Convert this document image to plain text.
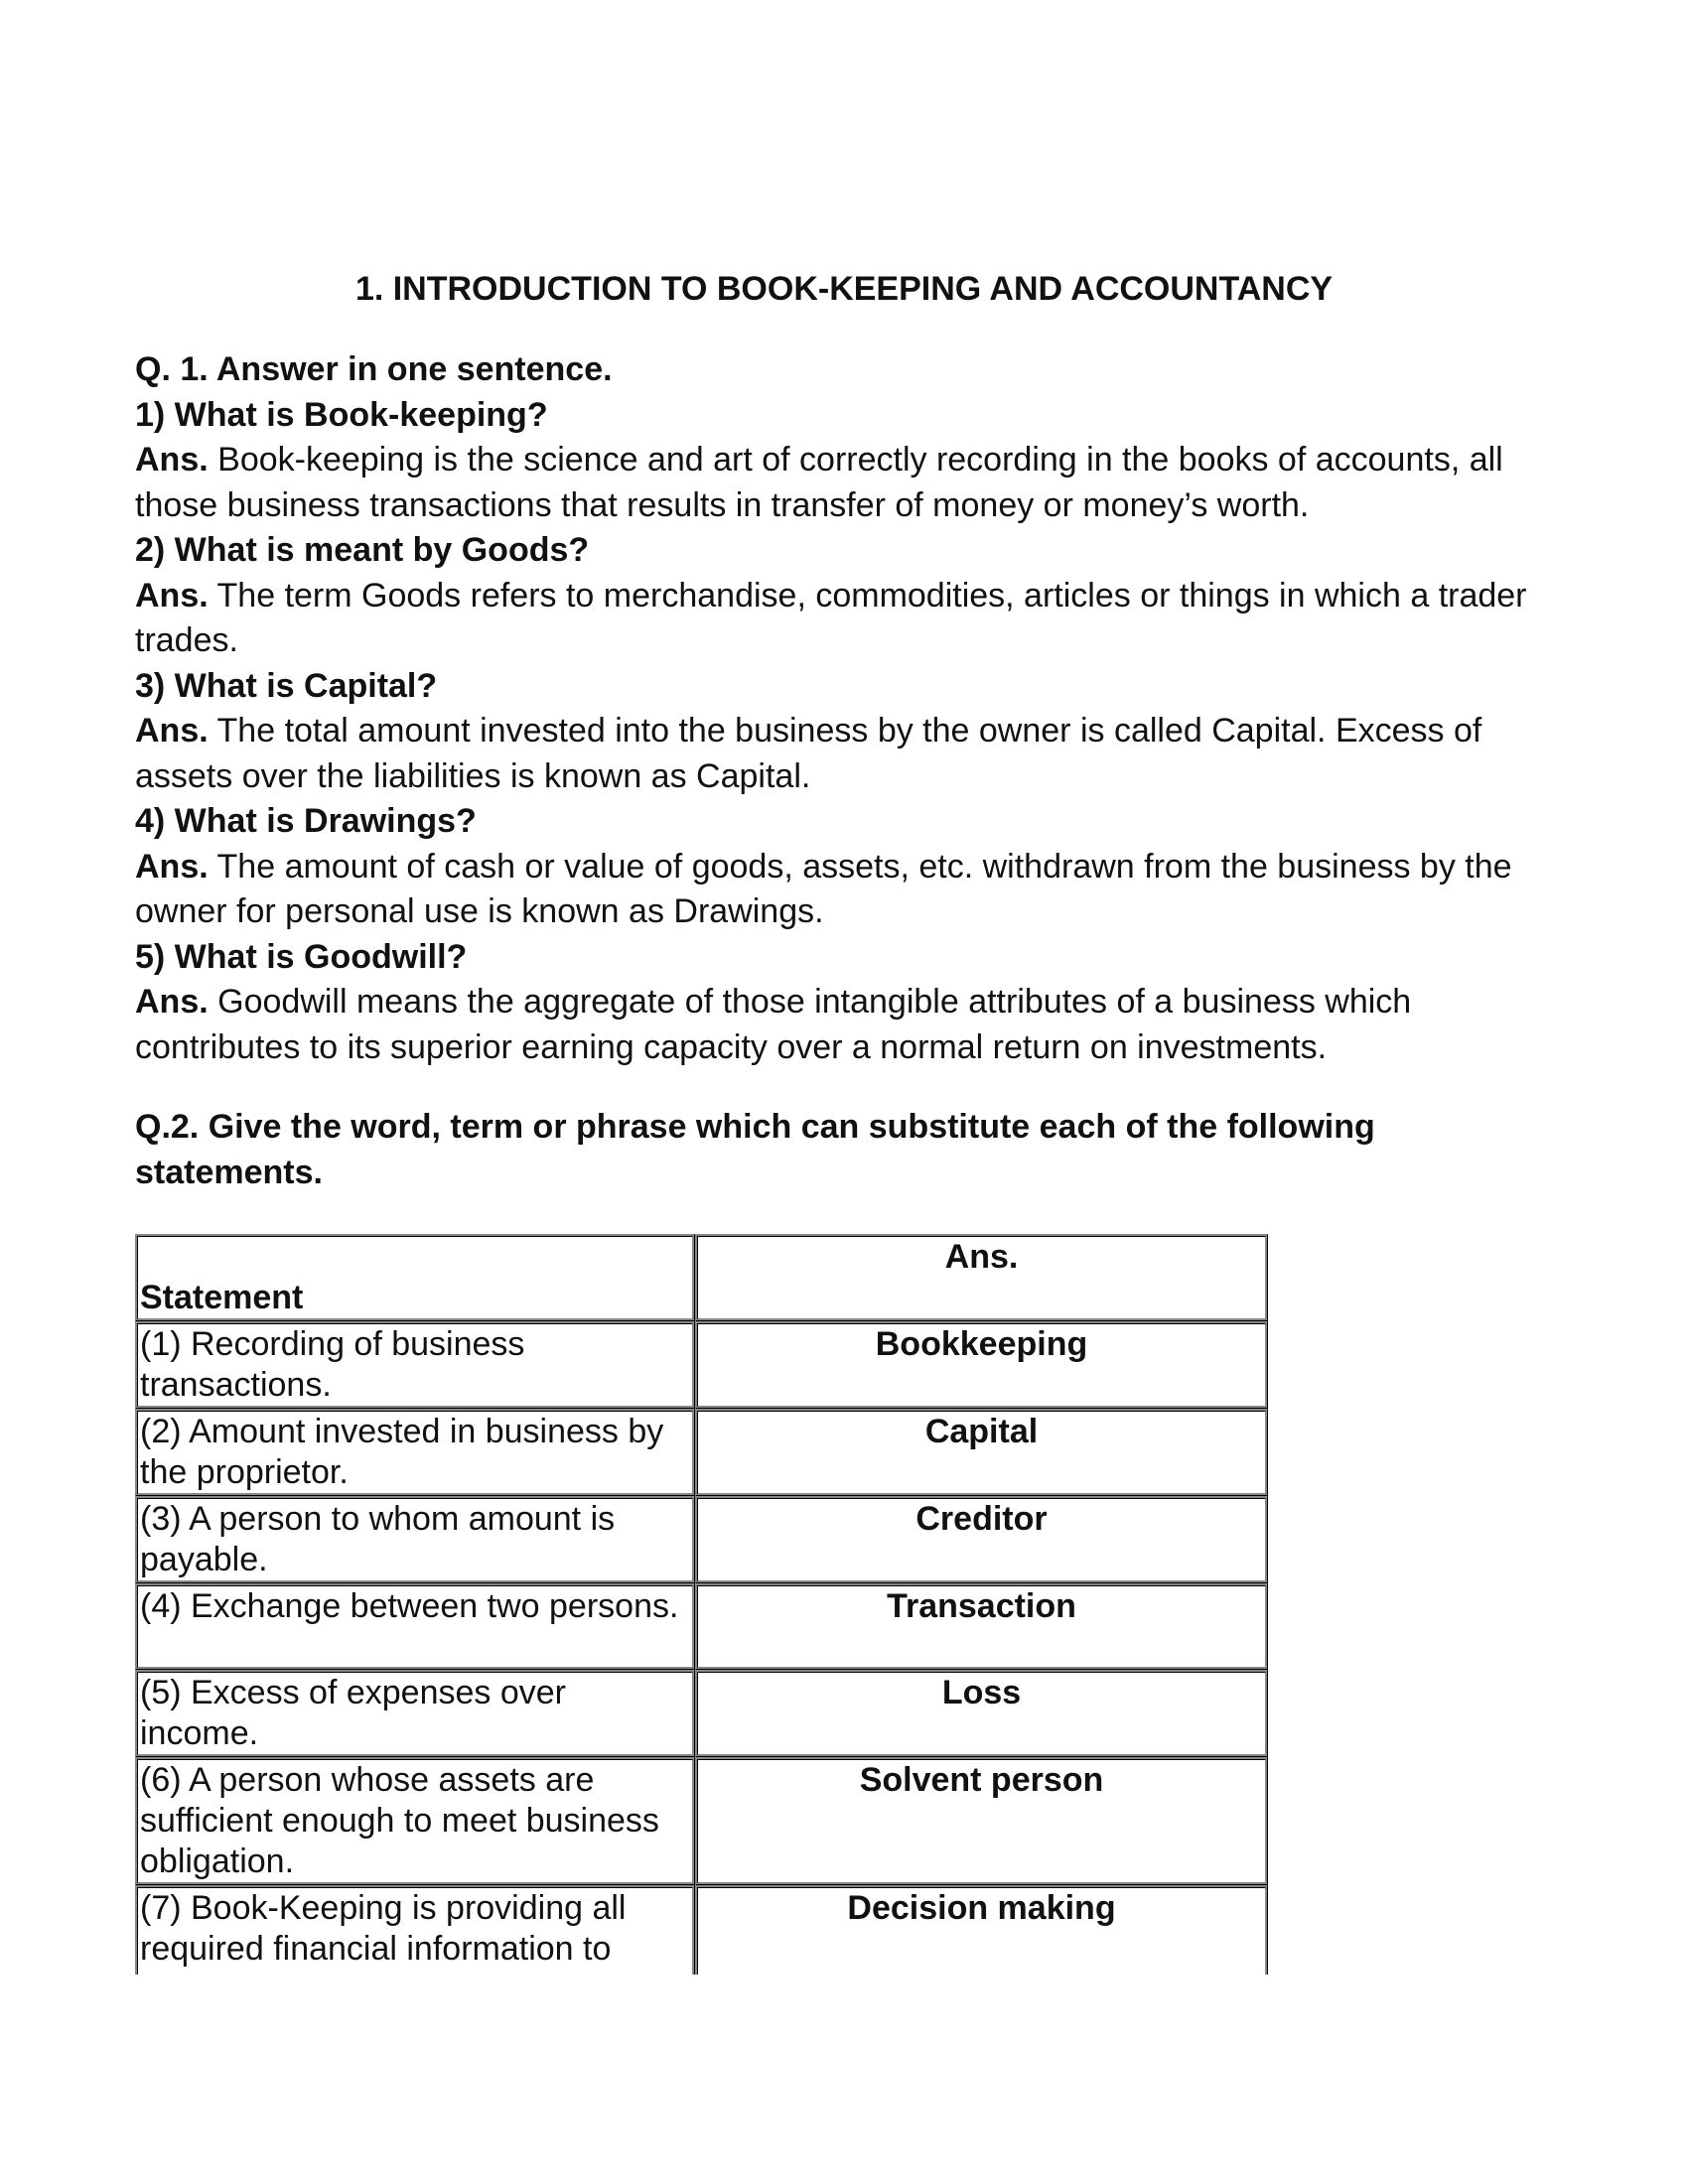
1. INTRODUCTION TO BOOK-KEEPING AND ACCOUNTANCY
Q. 1. Answer in one sentence.
1) What is Book-keeping?
Ans. Book-keeping is the science and art of correctly recording in the books of accounts, all those business transactions that results in transfer of money or money’s worth.
2) What is meant by Goods?
Ans. The term Goods refers to merchandise, commodities, articles or things in which a trader trades.
3) What is Capital?
Ans. The total amount invested into the business by the owner is called Capital. Excess of assets over the liabilities is known as Capital.
4) What is Drawings?
Ans. The amount of cash or value of goods, assets, etc. withdrawn from the business by the owner for personal use is known as Drawings.
5) What is Goodwill?
Ans. Goodwill means the aggregate of those intangible attributes of a business which contributes to its superior earning capacity over a normal return on investments.
Q.2. Give the word, term or phrase which can substitute each of the following statements.
Statement	Ans.
(1) Recording of business transactions.	Bookkeeping
(2) Amount invested in business by the proprietor.	Capital
(3) A person to whom amount is payable.	Creditor
(4) Exchange between two persons.	Transaction
(5) Excess of expenses over income.	Loss
(6) A person whose assets are sufficient enough to meet business obligation.	Solvent person
(7) Book-Keeping is providing all required financial information to	Decision making
